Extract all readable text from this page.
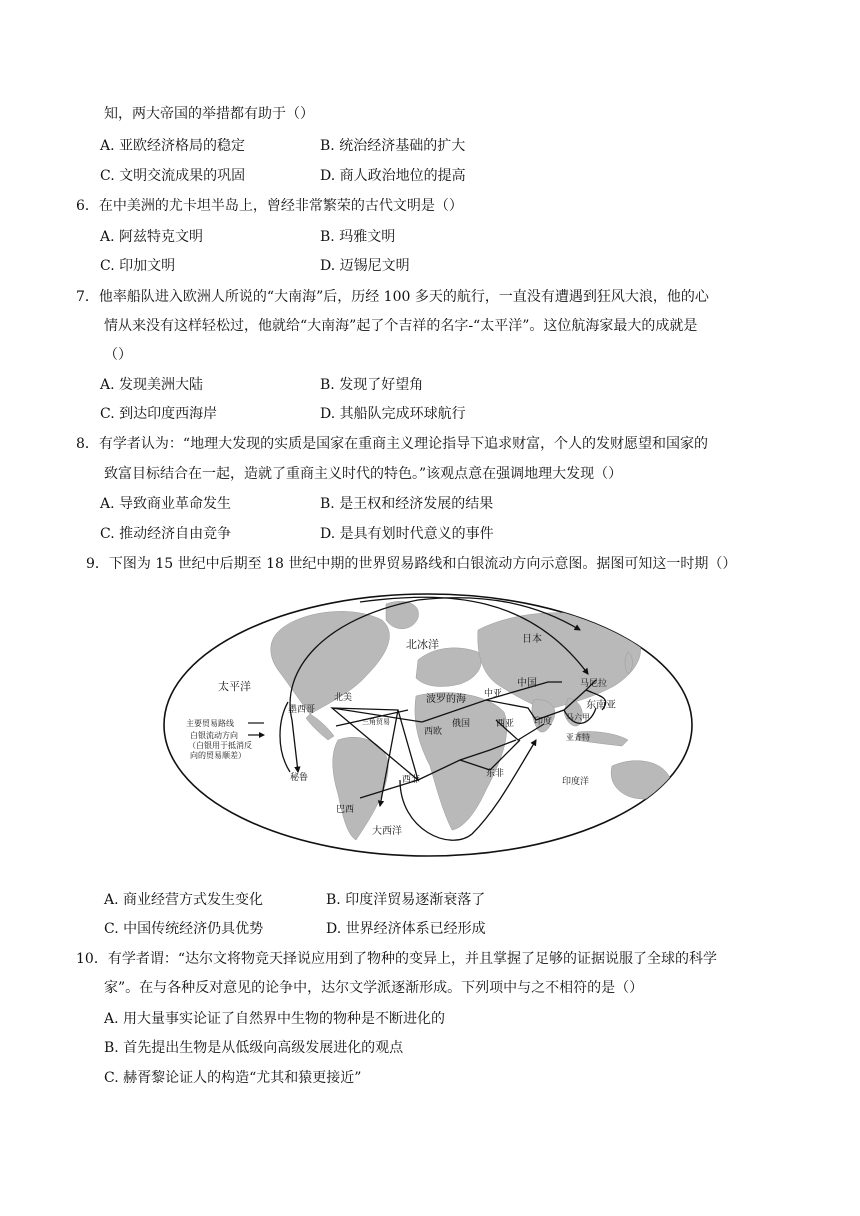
知，两大帝国的举措都有助于（）
A. 亚欧经济格局的稳定	B. 统治经济基础的扩大
C. 文明交流成果的巩固	D. 商人政治地位的提高
6．在中美洲的尤卡坦半岛上，曾经非常繁荣的古代文明是（）
A. 阿兹特克文明	B. 玛雅文明
C. 印加文明	D. 迈锡尼文明
7．他率船队进入欧洲人所说的“大南海”后，历经 100 多天的航行，一直没有遭遇到狂风大浪，他的心
情从来没有这样轻松过，他就给“大南海”起了个吉祥的名字-“太平洋”。这位航海家最大的成就是
（）
A. 发现美洲大陆	B. 发现了好望角
C. 到达印度西海岸	D. 其船队完成环球航行
8．有学者认为：“地理大发现的实质是国家在重商主义理论指导下追求财富，个人的发财愿望和国家的
致富目标结合在一起，造就了重商主义时代的特色。”该观点意在强调地理大发现（）
A. 导致商业革命发生	B. 是王权和经济发展的结果
C. 推动经济自由竞争	D. 是具有划时代意义的事件
9．下图为 15 世纪中后期至 18 世纪中期的世界贸易路线和白银流动方向示意图。据图可知这一时期（）
北冰洋	日本
太平洋	中国	马尼拉
东南亚
波罗的海 中亚
北美
墨西哥
三角贸易	俄国	西亚 印度 马六甲
西欧
亚齐特
秘鲁	西非
东非
印度洋
巴西
大西洋
主要贸易路线
白银流动方向
（白银用于抵消反
向的贸易顺差）
A. 商业经营方式发生变化	B. 印度洋贸易逐渐衰落了
C. 中国传统经济仍具优势	D. 世界经济体系已经形成
10．有学者谓：“达尔文将物竞天择说应用到了物种的变异上，并且掌握了足够的证据说服了全球的科学
家”。在与各种反对意见的论争中，达尔文学派逐渐形成。下列项中与之不相符的是（）
A. 用大量事实论证了自然界中生物的物种是不断进化的
B. 首先提出生物是从低级向高级发展进化的观点
C. 赫胥黎论证人的构造“尤其和猿更接近”
